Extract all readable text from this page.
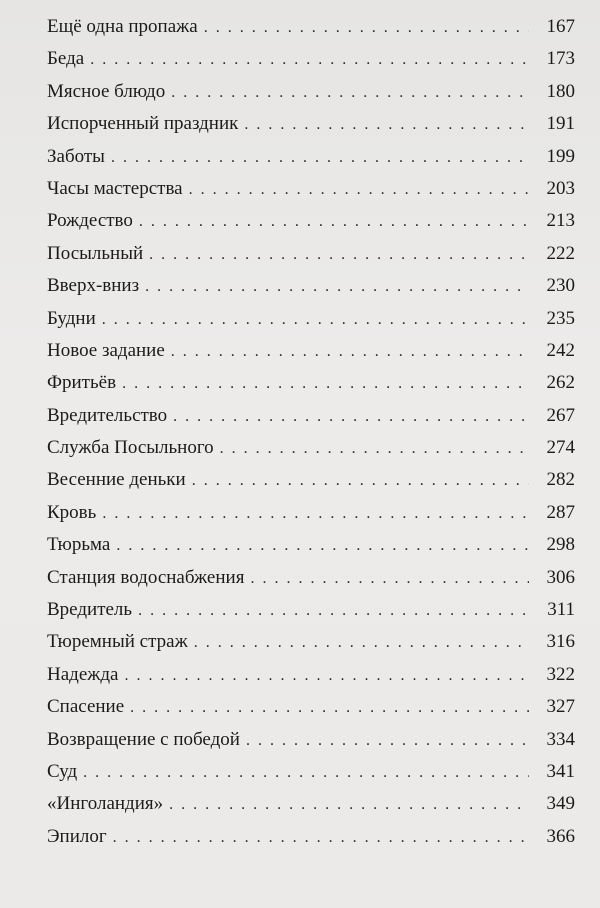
Ещё одна пропажа . . .	167
Беда . . .	173
Мясное блюдо . . .	180
Испорченный праздник . . .	191
Заботы . . .	199
Часы мастерства . . .	203
Рождество . . .	213
Посыльный . . .	222
Вверх-вниз . . .	230
Будни . . .	235
Новое задание . . .	242
Фритьёв . . .	262
Вредительство . . .	267
Служба Посыльного . . .	274
Весенние деньки . . .	282
Кровь . . .	287
Тюрьма . . .	298
Станция водоснабжения . . .	306
Вредитель . . .	311
Тюремный страж . . .	316
Надежда . . .	322
Спасение . . .	327
Возвращение с победой . . .	334
Суд . . .	341
«Инголандия» . . .	349
Эпилог . . .	366
